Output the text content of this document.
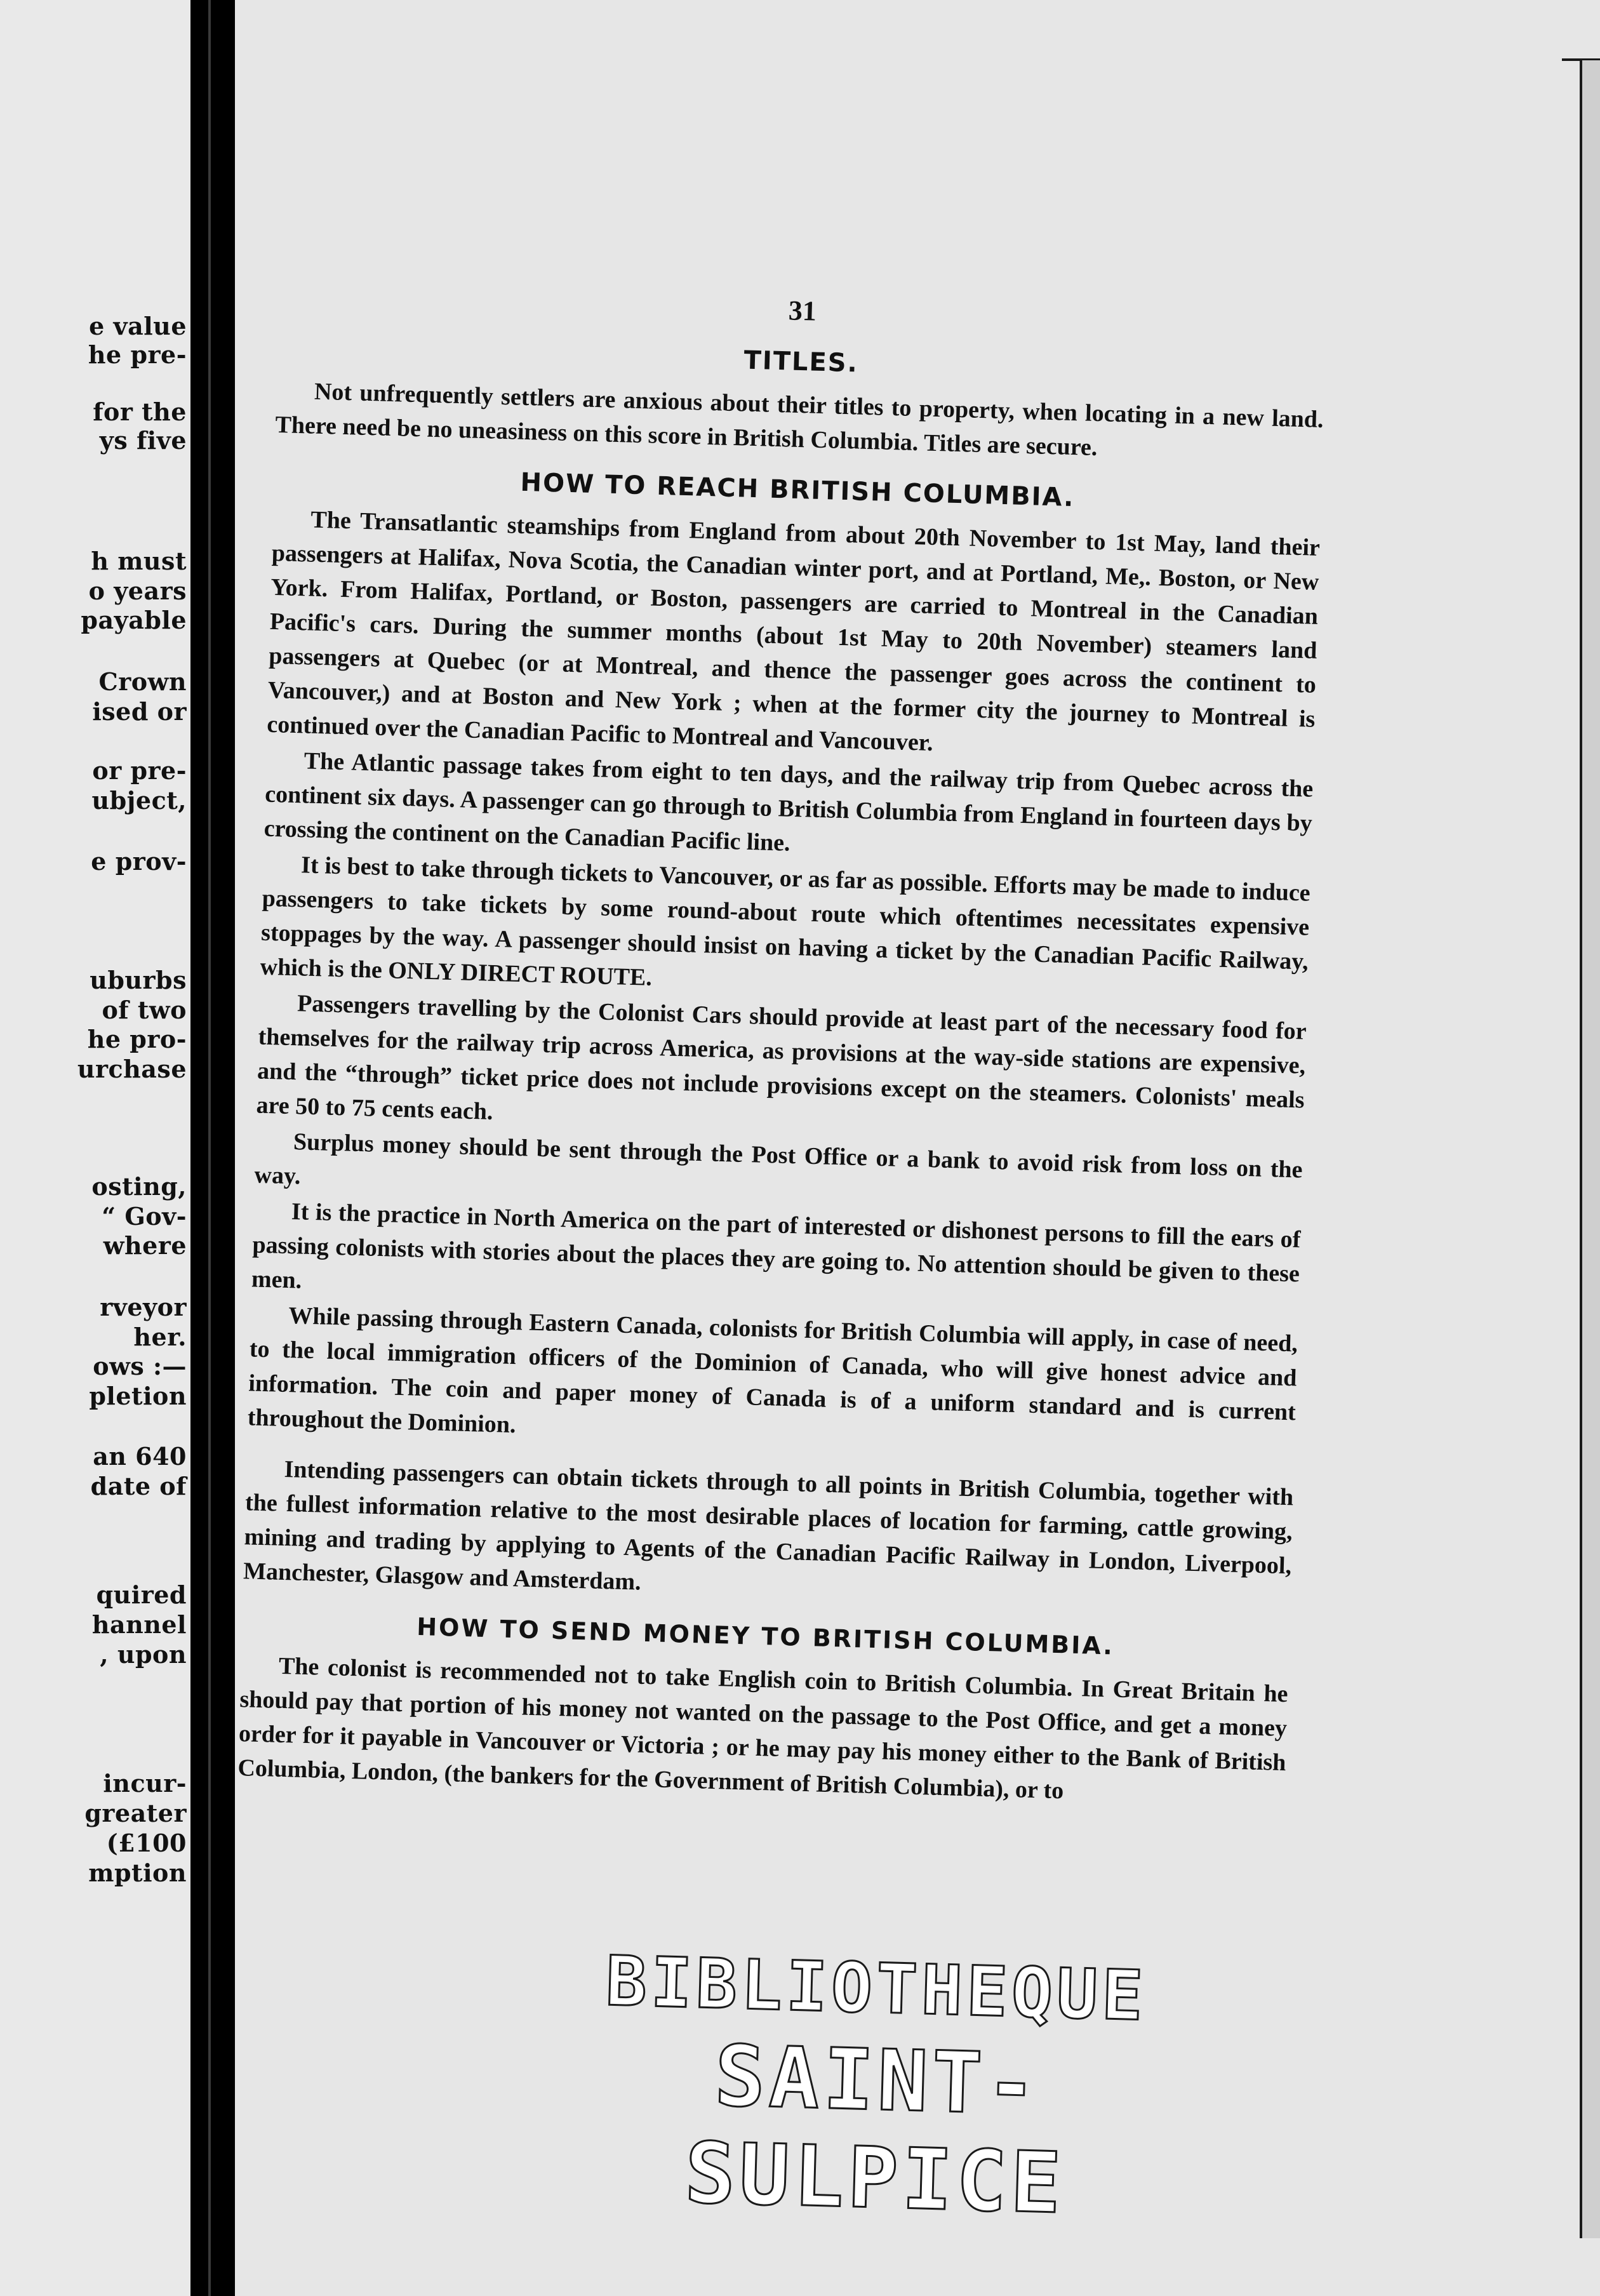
e value
he pre-
for the
ys five
h must
o years
payable
Crown
ised or
or pre-
ubject,
e prov-
uburbs
of two
he pro-
urchase
osting,
“ Gov-
where
rveyor
her.
ows :—
pletion
an 640
date of
quired
hannel
, upon
incur-
greater
(£100
mption
31
TITLES.

Not unfrequently settlers are anxious about their titles to property, when locating in a new land. There need be no uneasiness on this score in British Columbia. Titles are secure.

HOW TO REACH BRITISH COLUMBIA.

The Transatlantic steamships from England from about 20th November to 1st May, land their passengers at Halifax, Nova Scotia, the Canadian winter port, and at Portland, Me,. Boston, or New York. From Halifax, Portland, or Boston, passengers are carried to Montreal in the Canadian Pacific's cars. During the summer months (about 1st May to 20th November) steamers land passengers at Quebec (or at Montreal, and thence the passenger goes across the continent to Vancouver,) and at Boston and New York ; when at the former city the journey to Montreal is continued over the Canadian Pacific to Montreal and Vancouver.

The Atlantic passage takes from eight to ten days, and the railway trip from Quebec across the continent six days. A passenger can go through to British Columbia from England in fourteen days by crossing the continent on the Canadian Pacific line.

It is best to take through tickets to Vancouver, or as far as possible. Efforts may be made to induce passengers to take tickets by some round-about route which oftentimes necessitates expensive stoppages by the way. A passenger should insist on having a ticket by the Canadian Pacific Railway, which is the ONLY DIRECT ROUTE.

Passengers travelling by the Colonist Cars should provide at least part of the necessary food for themselves for the railway trip across America, as provisions at the way-side stations are expensive, and the “through” ticket price does not include provisions except on the steamers. Colonists' meals are 50 to 75 cents each.

Surplus money should be sent through the Post Office or a bank to avoid risk from loss on the way.

It is the practice in North America on the part of interested or dishonest persons to fill the ears of passing colonists with stories about the places they are going to. No attention should be given to these men.

While passing through Eastern Canada, colonists for British Columbia will apply, in case of need, to the local immigration officers of the Dominion of Canada, who will give honest advice and information. The coin and paper money of Canada is of a uniform standard and is current throughout the Dominion.

Intending passengers can obtain tickets through to all points in British Columbia, together with the fullest information relative to the most desirable places of location for farming, cattle growing, mining and trading by applying to Agents of the Canadian Pacific Railway in London, Liverpool, Manchester, Glasgow and Amsterdam.

HOW TO SEND MONEY TO BRITISH COLUMBIA.

The colonist is recommended not to take English coin to British Columbia. In Great Britain he should pay that portion of his money not wanted on the passage to the Post Office, and get a money order for it payable in Vancouver or Victoria ; or he may pay his money either to the Bank of British Columbia, London, (the bankers for the Government of British Columbia), or to

BIBLIOTHEQUE
SAINT-SULPICE
